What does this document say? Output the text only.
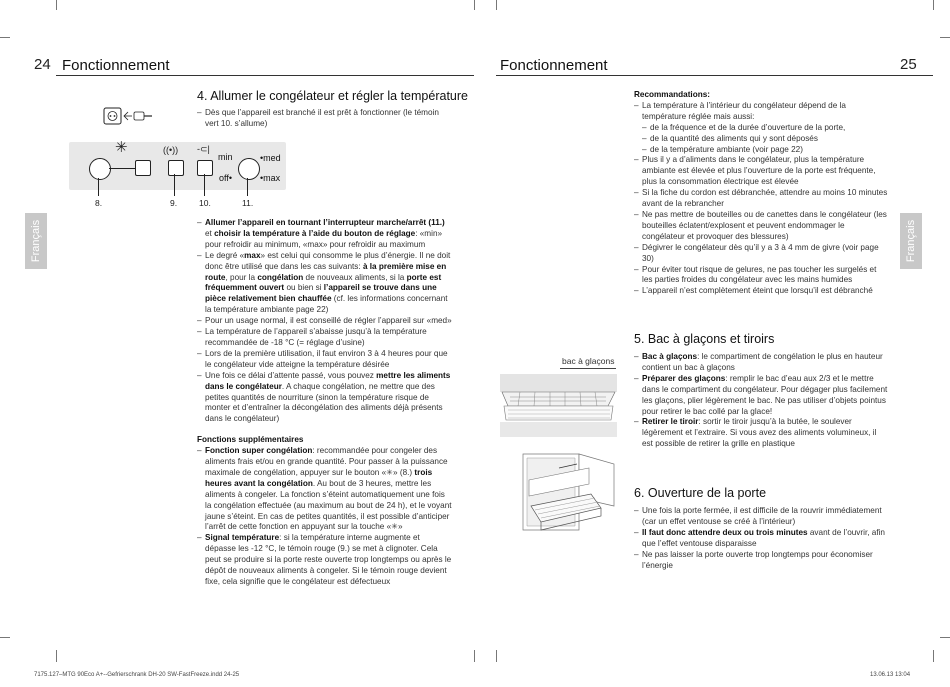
24 Fonctionnement
Français
✳	((•)) -⊂|
min	•med
off•	•max
8.	9.	10.	11.
4. Allumer le congélateur et régler la température

– Dès que l’appareil est branché il est prêt à fonctionner (le témoin vert 10. s’allume)

– Allumer l’appareil en tournant l’interrupteur marche/arrêt (11.) et choisir la température à l’aide du bouton de réglage: «min» pour refroidir au minimum, «max» pour refroidir au maximum

– Le degré «max» est celui qui consomme le plus d’énergie. Il ne doit donc être utilisé que dans les cas suivants: à la première mise en route, pour la congélation de nouveaux aliments, si la porte est fréquemment ouvert ou bien si l’appareil se trouve dans une pièce relativement bien chauffée (cf. les informations concernant la température ambiante page 22)

– Pour un usage normal, il est conseillé de régler l’appareil sur «med»

– La température de l’appareil s’abaisse jusqu’à la température recommandée de -18 °C (= réglage d’usine)

– Lors de la première utilisation, il faut environ 3 à 4 heures pour que le congélateur vide atteigne la température désirée

– Une fois ce délai d’attente passé, vous pouvez mettre les aliments dans le congélateur. A chaque congélation, ne mettre que des petites quantités de nourriture (sinon la température risque de monter et d’entraîner la décongélation des aliments déjà présents dans le congélateur)

Fonctions supplémentaires

– Fonction super congélation: recommandée pour congeler des aliments frais et/ou en grande quantité. Pour passer à la puissance maximale de congélation, appuyer sur le bouton «✳» (8.) trois heures avant la congélation. Au bout de 3 heures, mettre les aliments à congeler. La fonction s’éteint automatiquement une fois la congélation effectuée (au maximum au bout de 24 h), et le voyant jaune s’éteint. En cas de petites quantités, il est possible d’anticiper l’arrêt de cette fonction en appuyant sur la touche «✳»

– Signal température: si la température interne augmente et dépasse les -12 °C, le témoin rouge (9.) se met à clignoter. Cela peut se produire si la porte reste ouverte trop longtemps ou après le dépôt de nouveaux aliments à congeler. Si le témoin rouge devient fixe, cela signifie que le congélateur est défectueux

Fonctionnement	25
Français

Recommandations:

– La température à l’intérieur du congélateur dépend de la température réglée mais aussi:

– de la fréquence et de la durée d’ouverture de la porte,

– de la quantité des aliments qui y sont déposés

– de la température ambiante (voir page 22)

– Plus il y a d’aliments dans le congélateur, plus la température ambiante est élevée et plus l’ouverture de la porte est fréquente, plus la consommation électrique est élevée

– Si la fiche du cordon est débranchée, attendre au moins 10 minutes avant de la rebrancher

– Ne pas mettre de bouteilles ou de canettes dans le congélateur (les bouteilles éclatent/explosent et peuvent endommager le congélateur et provoquer des blessures)

– Dégivrer le congélateur dès qu’il y a 3 à 4 mm de givre (voir page 30)

– Pour éviter tout risque de gelures, ne pas toucher les surgelés et les parties froides du congélateur avec les mains humides

– L’appareil n’est complètement éteint que lorsqu’il est débranché

5. Bac à glaçons et tiroirs

– Bac à glaçons: le compartiment de congélation le plus en hauteur contient un bac à glaçons

– Préparer des glaçons: remplir le bac d’eau aux 2/3 et le mettre dans le compartiment du congélateur. Pour dégager plus facilement les glaçons, plier légèrement le bac. Ne pas utiliser d’objets pointus pour retirer le bac collé par la glace!

– Retirer le tiroir: sortir le tiroir jusqu’à la butée, le soulever légèrement et l’extraire. Si vous avez des aliments volumineux, il est possible de retirer la grille en plastique

6. Ouverture de la porte

– Une fois la porte fermée, il est difficile de la rouvrir immédiatement (car un effet ventouse se créé à l’intérieur)

– Il faut donc attendre deux ou trois minutes avant de l’ouvrir, afin que l’effet ventouse disparaisse

– Ne pas laisser la porte ouverte trop longtemps pour économiser l’énergie

bac à glaçons
7175.127–MTG 90Eco A+--Gefrierschrank DH-20 SW-FastFreeze.indd 24-25	13.06.13 13:04
